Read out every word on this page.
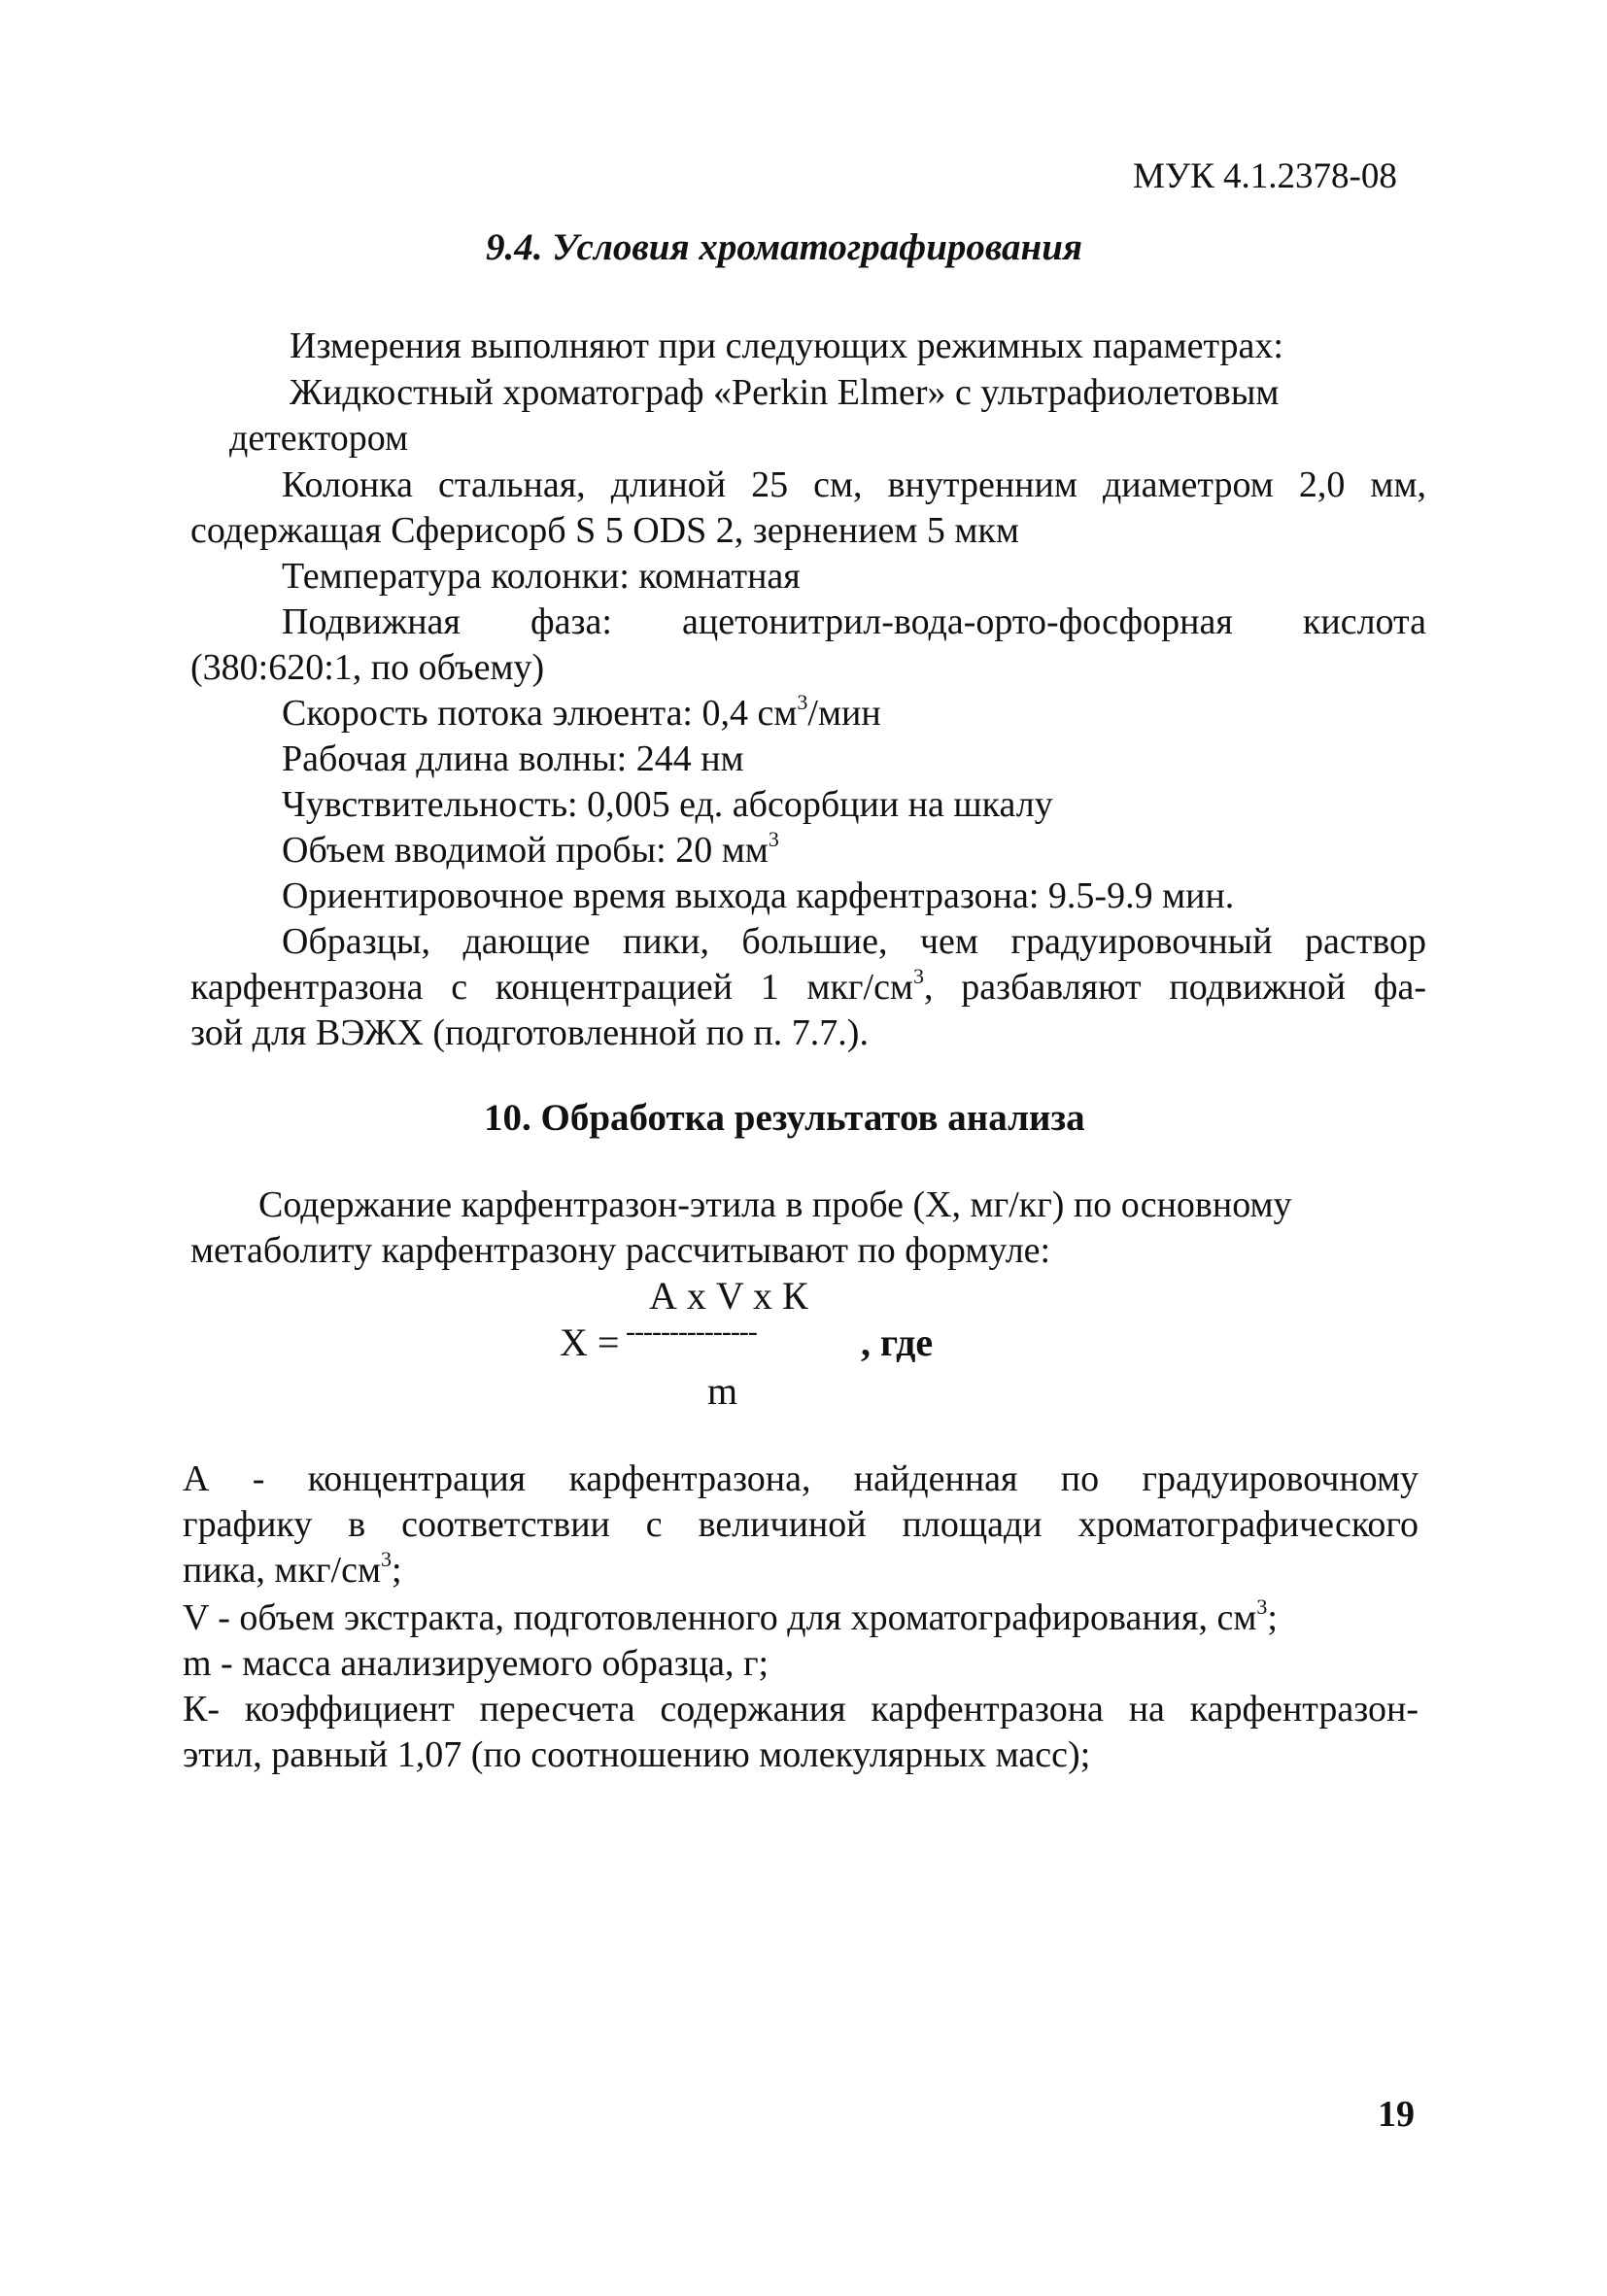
МУК 4.1.2378-08
9.4. Условия хроматографирования
Измерения выполняют при следующих режимных параметрах:
Жидкостный хроматограф «Perkin Elmer» с ультрафиолетовым
детектором
Колонка стальная, длиной 25 см, внутренним диаметром 2,0 мм,
содержащая Сферисорб S 5 ODS 2, зернением 5 мкм
Температура колонки: комнатная
Подвижная фаза: ацетонитрил-вода-орто-фосфорная кислота
(380:620:1, по объему)
Скорость потока элюента: 0,4 $см^3$/мин
Рабочая длина волны: 244 нм
Чувствительность: 0,005 ед. абсорбции на шкалу
Объем вводимой пробы: 20 $мм^3$
Ориентировочное время выхода карфентразона: 9.5-9.9 мин.
Образцы, дающие пики, большие, чем градуировочный раствор
карфентразона с концентрацией 1 мкг/$см^3$, разбавляют подвижной фа-
зой для ВЭЖХ (подготовленной по п. 7.7.).
10. Обработка результатов анализа
Содержание карфентразон-этила в пробе (Х, мг/кг) по основному
метаболиту карфентразону рассчитывают по формуле:
А х V х К
Х = ---------------	, где
m
А - концентрация карфентразона, найденная по градуировочному
графику в соответствии с величиной площади хроматографического
пика, мкг/$см^3$;
V - объем экстракта, подготовленного для хроматографирования, $см^3$;
m - масса анализируемого образца, г;
К- коэффициент пересчета содержания карфентразона на карфентразон-
этил, равный 1,07 (по соотношению молекулярных масс);
19
